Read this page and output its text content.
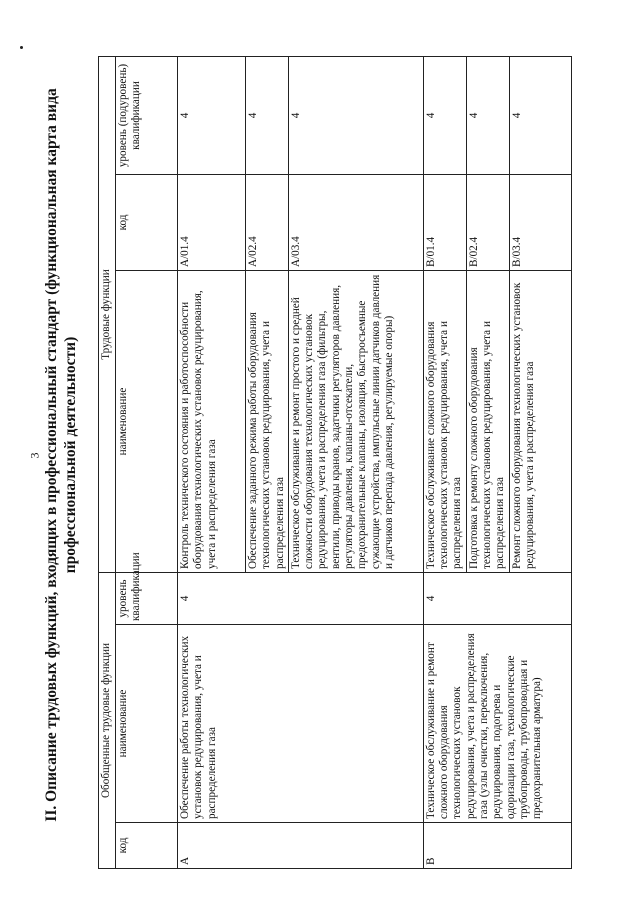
3 II. Описание трудовых функций, входящих в профессиональный стандарт (функциональная карта вида профессиональной деятельности)
Обобщенные трудовые функции			Трудовые функции		
код	наименование	уровень квалификации	наименование	код	уровень (подуровень) квалификации
A	Обеспечение работы технологических установок редуцирования, учета и распределения газа	4	Контроль технического состояния и работоспособности оборудования технологических установок редуцирования, учета и распределения газа	A/01.4	4
			Обеспечение заданного режима работы оборудования технологических установок редуцирования, учета и распределения газа	A/02.4	4
			Техническое обслуживание и ремонт простого и средней сложности оборудования технологических установок редуцирования, учета и распределения газа (фильтры, вентили, приводы кранов, задатчики регуляторов давления, регуляторы давления, клапаны-отсекатели, предохранительные клапаны, изоляция, быстросъемные сужающие устройства, импульсные линии датчиков давления и датчиков перепада давления, регулируемые опоры)	A/03.4	4
B	Техническое обслуживание и ремонт сложного оборудования технологических установок редуцирования, учета и распределения газа (узлы очистки, переключения, редуцирования, подогрева и одоризации газа, технологические трубопроводы, трубопроводная и предохранительная арматура)	4	Техническое обслуживание сложного оборудования технологических установок редуцирования, учета и распределения газа	B/01.4	4
			Подготовка к ремонту сложного оборудования технологических установок редуцирования, учета и распределения газа	B/02.4	4
			Ремонт сложного оборудования технологических установок редуцирования, учета и распределения газа	B/03.4	4
